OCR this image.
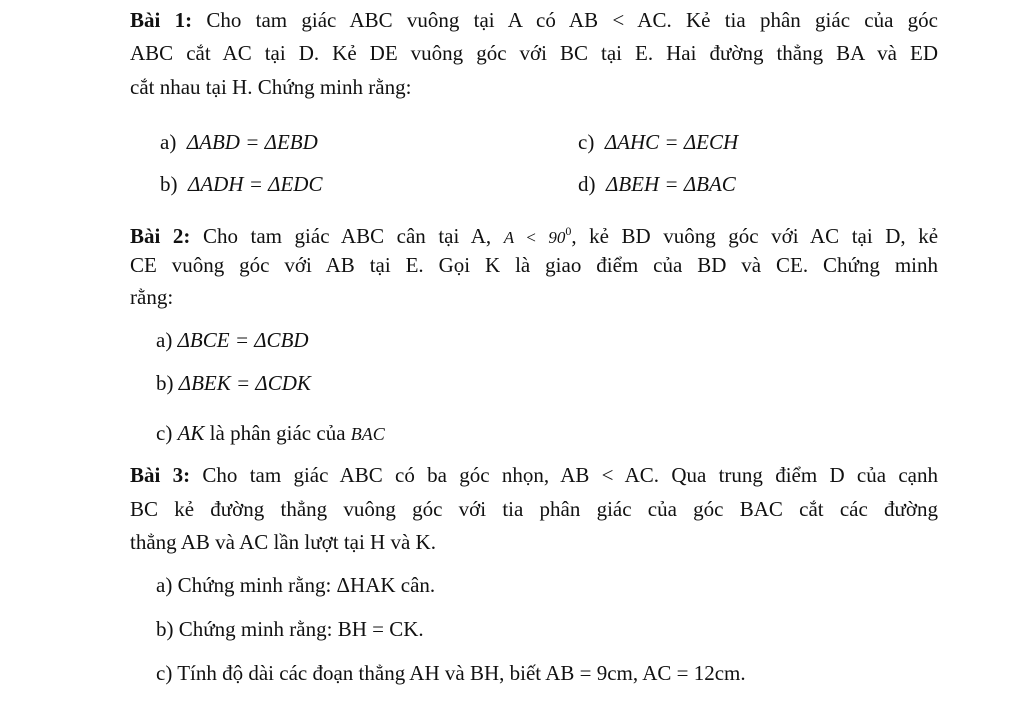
Bài 1: Cho tam giác ABC vuông tại A có AB < AC. Kẻ tia phân giác của góc
ABC cắt AC tại D. Kẻ DE vuông góc với BC tại E. Hai đường thẳng BA và ED
cắt nhau tại H. Chứng minh rằng:
a) ΔABD = ΔEBD
b) ΔADH = ΔEDC
c) ΔAHC = ΔECH
d) ΔBEH = ΔBAC
Bài 2: Cho tam giác ABC cân tại A, $A < 90^0$, kẻ BD vuông góc với AC tại D, kẻ
CE vuông góc với AB tại E. Gọi K là giao điểm của BD và CE. Chứng minh
rằng:
a) ΔBCE = ΔCBD
b) ΔBEK = ΔCDK
c) AK là phân giác của BAC
Bài 3: Cho tam giác ABC có ba góc nhọn, AB < AC. Qua trung điểm D của cạnh
BC kẻ đường thẳng vuông góc với tia phân giác của góc BAC cắt các đường
thẳng AB và AC lần lượt tại H và K.
a) Chứng minh rằng: ΔHAK cân.
b) Chứng minh rằng: BH = CK.
c) Tính độ dài các đoạn thẳng AH và BH, biết AB = 9cm, AC = 12cm.
